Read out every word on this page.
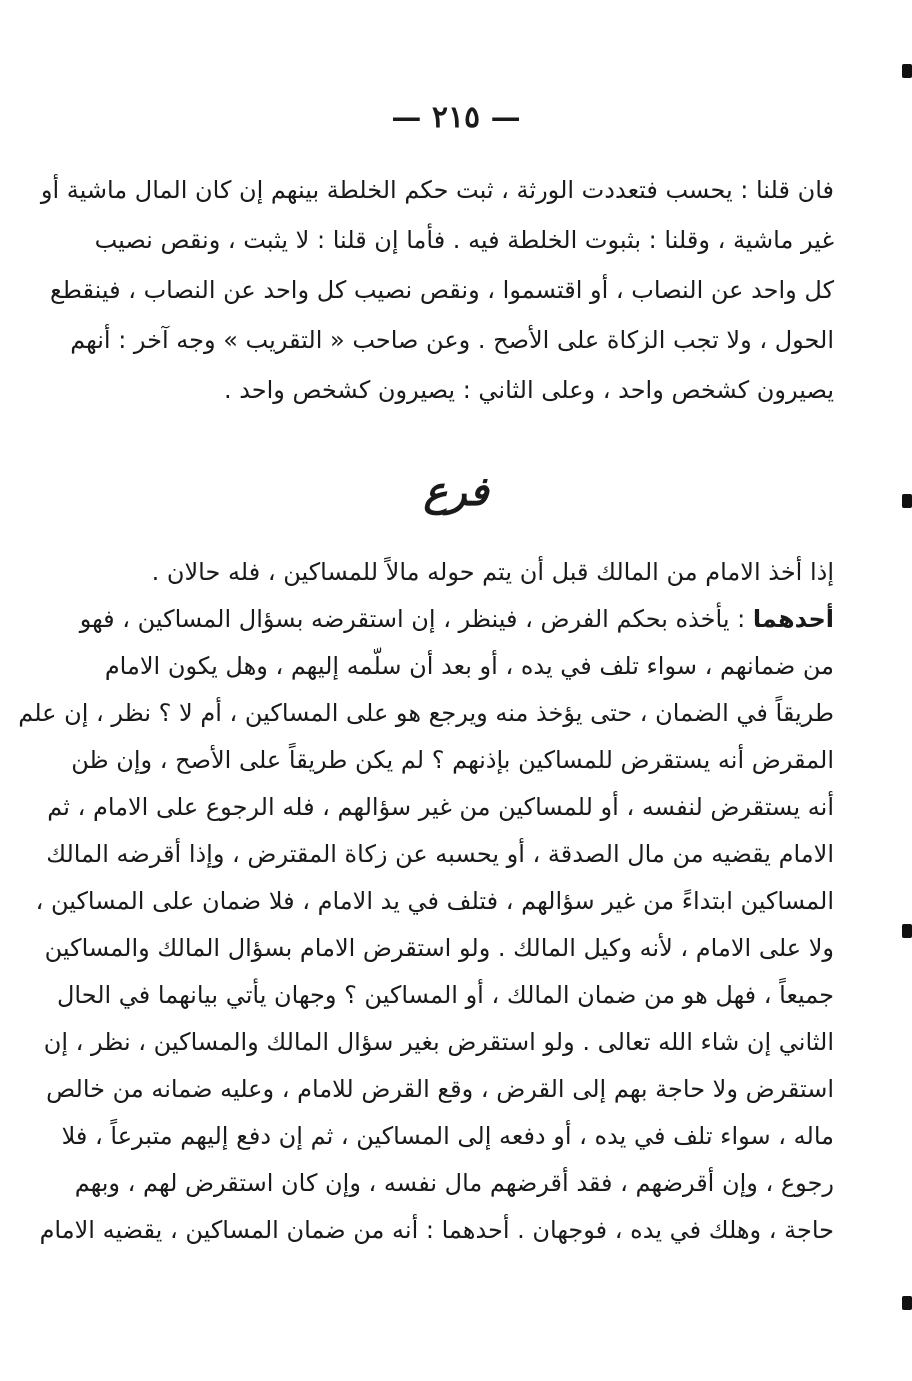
— ٢١٥ —
فان قلنا : يحسب فتعددت الورثة ، ثبت حكم الخلطة بينهم إن كان المال ماشية أو
غير ماشية ، وقلنا : بثبوت الخلطة فيه . فأما إن قلنا : لا يثبت ، ونقص نصيب
كل واحد عن النصاب ، أو اقتسموا ، ونقص نصيب كل واحد عن النصاب ، فينقطع
الحول ، ولا تجب الزكاة على الأصح . وعن صاحب « التقريب » وجه آخر : أنهم
يصيرون كشخص واحد ، وعلى الثاني : يصيرون كشخص واحد .
فرع
إذا أخذ الامام من المالك قبل أن يتم حوله مالاً للمساكين ، فله حالان .
أحدهما : يأخذه بحكم الفرض ، فينظر ، إن استقرضه بسؤال المساكين ، فهو
من ضمانهم ، سواء تلف في يده ، أو بعد أن سلّمه إليهم ، وهل يكون الامام
طريقاً في الضمان ، حتى يؤخذ منه ويرجع هو على المساكين ، أم لا ؟ نظر ، إن علم
المقرض أنه يستقرض للمساكين بإذنهم ؟ لم يكن طريقاً على الأصح ، وإن ظن
أنه يستقرض لنفسه ، أو للمساكين من غير سؤالهم ، فله الرجوع على الامام ، ثم
الامام يقضيه من مال الصدقة ، أو يحسبه عن زكاة المقترض ، وإذا أقرضه المالك
المساكين ابتداءً من غير سؤالهم ، فتلف في يد الامام ، فلا ضمان على المساكين ،
ولا على الامام ، لأنه وكيل المالك . ولو استقرض الامام بسؤال المالك والمساكين
جميعاً ، فهل هو من ضمان المالك ، أو المساكين ؟ وجهان يأتي بيانهما في الحال
الثاني إن شاء الله تعالى . ولو استقرض بغير سؤال المالك والمساكين ، نظر ، إن
استقرض ولا حاجة بهم إلى القرض ، وقع القرض للامام ، وعليه ضمانه من خالص
ماله ، سواء تلف في يده ، أو دفعه إلى المساكين ، ثم إن دفع إليهم متبرعاً ، فلا
رجوع ، وإن أقرضهم ، فقد أقرضهم مال نفسه ، وإن كان استقرض لهم ، وبهم
حاجة ، وهلك في يده ، فوجهان . أحدهما : أنه من ضمان المساكين ، يقضيه الامام
